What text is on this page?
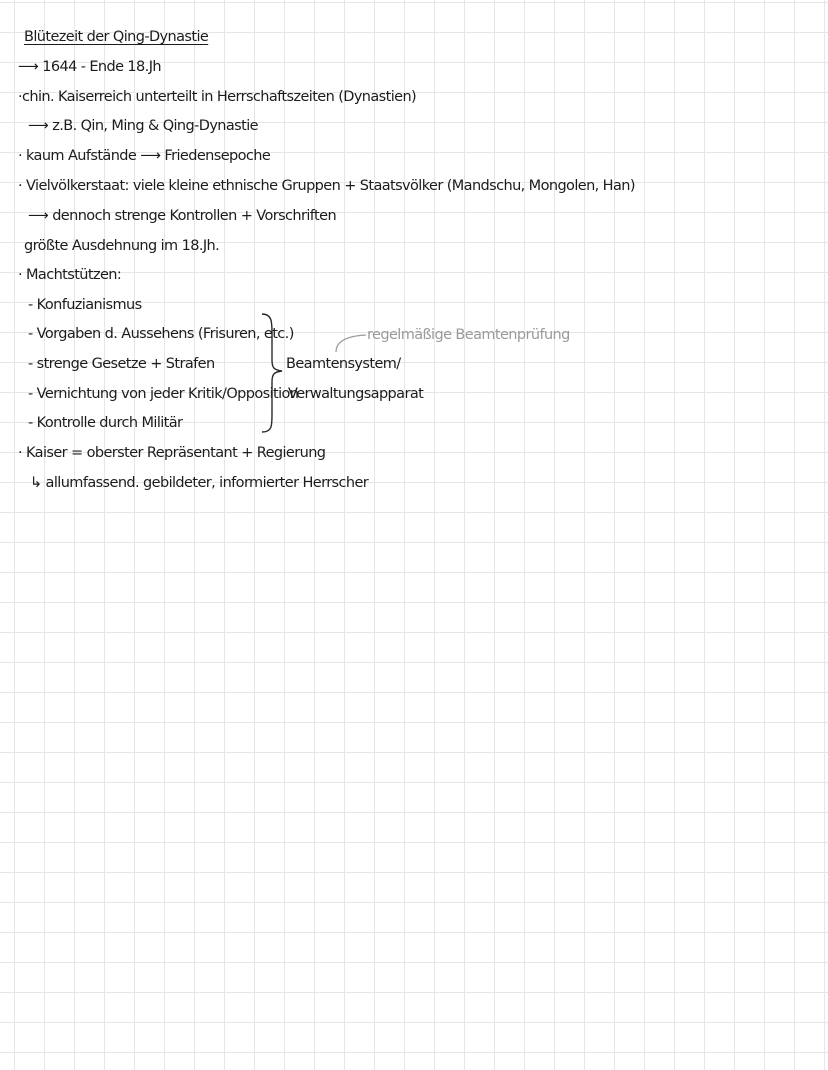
Blütezeit der Qing-Dynastie
⟶ 1644 - Ende 18.Jh
·chin. Kaiserreich unterteilt in Herrschaftszeiten (Dynastien)
⟶ z.B. Qin, Ming & Qing-Dynastie
· kaum Aufstände ⟶ Friedensepoche
· Vielvölkerstaat: viele kleine ethnische Gruppen + Staatsvölker (Mandschu, Mongolen, Han)
⟶ dennoch strenge Kontrollen + Vorschriften
größte Ausdehnung im 18.Jh.
· Machtstützen:
- Konfuzianismus
- Vorgaben d. Aussehens (Frisuren, etc.)
- strenge Gesetze + Strafen
- Vernichtung von jeder Kritik/Opposition
- Kontrolle durch Militär
· Kaiser = oberster Repräsentant + Regierung
↳ allumfassend. gebildeter, informierter Herrscher
regelmäßige Beamtenprüfung
Beamtensystem/
Verwaltungsapparat
